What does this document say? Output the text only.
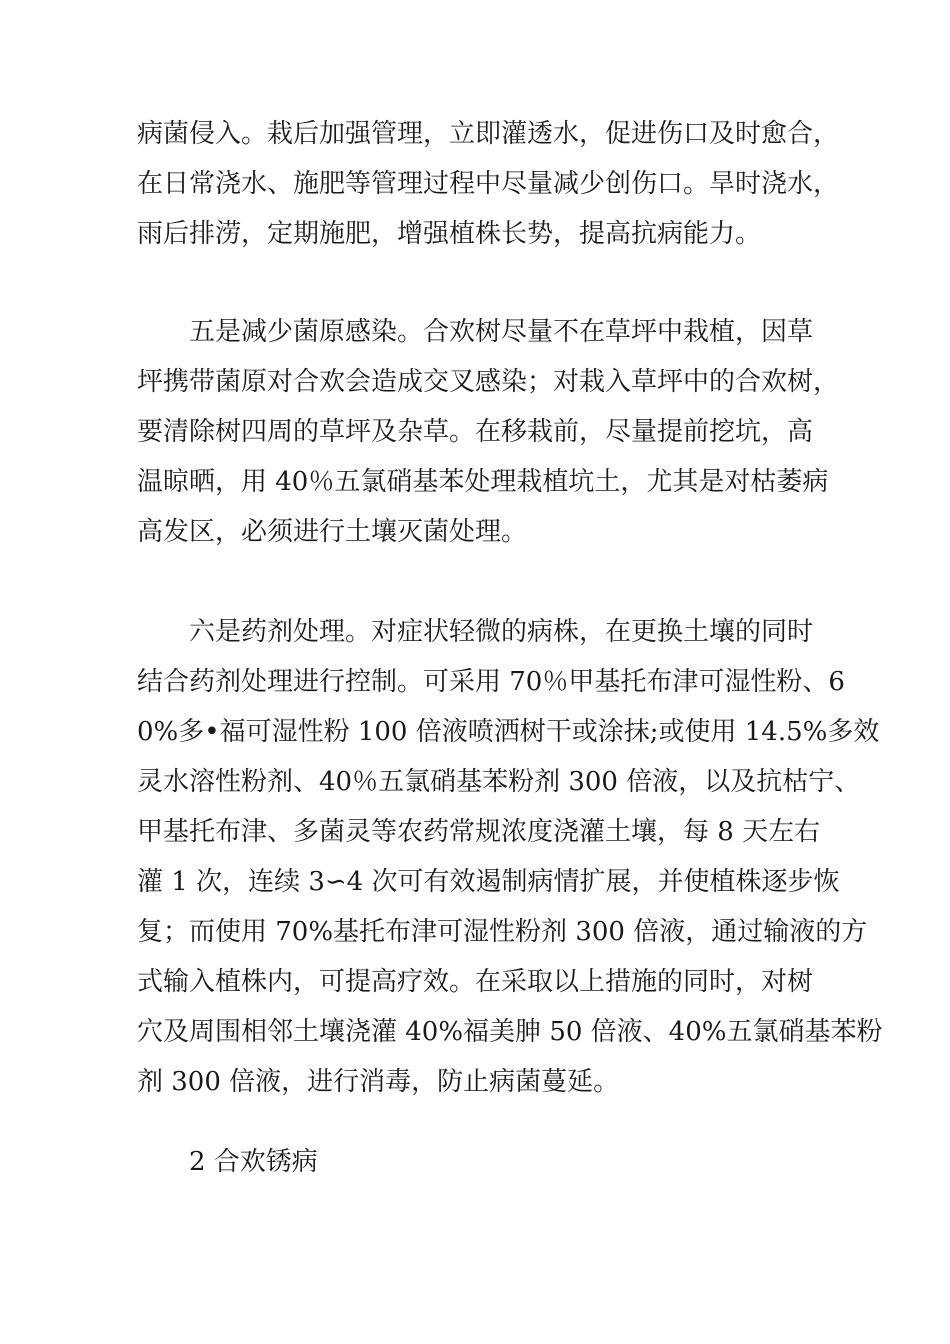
病菌侵入。栽后加强管理，立即灌透水，促进伤口及时愈合，
在日常浇水、施肥等管理过程中尽量减少创伤口。旱时浇水，
雨后排涝，定期施肥，增强植株长势，提高抗病能力。
　　五是减少菌原感染。合欢树尽量不在草坪中栽植，因草
坪携带菌原对合欢会造成交叉感染；对栽入草坪中的合欢树，
要清除树四周的草坪及杂草。在移栽前，尽量提前挖坑，高
温晾晒，用 40％五氯硝基苯处理栽植坑土，尤其是对枯萎病
高发区，必须进行土壤灭菌处理。
　　六是药剂处理。对症状轻微的病株，在更换土壤的同时
结合药剂处理进行控制。可采用 70％甲基托布津可湿性粉、6
0%多•福可湿性粉 100 倍液喷洒树干或涂抹;或使用 14.5%多效
灵水溶性粉剂、40％五氯硝基苯粉剂 300 倍液，以及抗枯宁、
甲基托布津、多菌灵等农药常规浓度浇灌土壤，每 8 天左右
灌 1 次，连续 3∽4 次可有效遏制病情扩展，并使植株逐步恢
复；而使用 70%基托布津可湿性粉剂 300 倍液，通过输液的方
式输入植株内，可提高疗效。在采取以上措施的同时，对树
穴及周围相邻土壤浇灌 40%福美胂 50 倍液、40%五氯硝基苯粉
剂 300 倍液，进行消毒，防止病菌蔓延。
　　2 合欢锈病
